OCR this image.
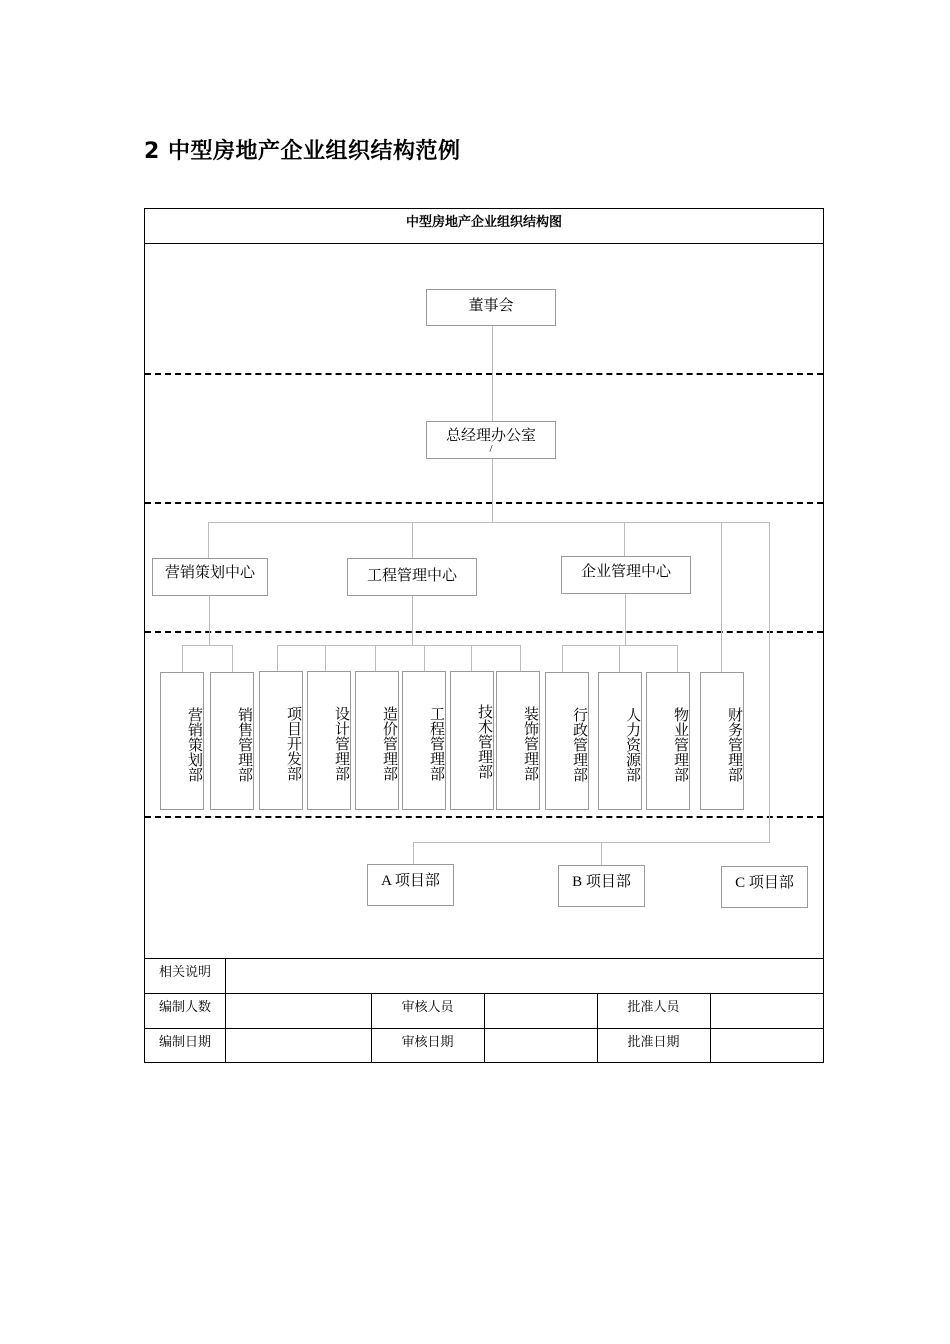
2 中型房地产企业组织结构范例
中型房地产企业组织结构图
董事会
总经理办公室
/
营销策划中心	工程管理中心	企业管理中心
营销策划部	销售管理部	项目开发部	设计管理部	造价管理部	工程管理部	技术管理部	装饰管理部	行政管理部	人力资源部	物业管理部	财务管理部
A 项目部	B 项目部	C 项目部
相关说明
编制人数	审核人员	批准人员
编制日期	审核日期	批准日期
